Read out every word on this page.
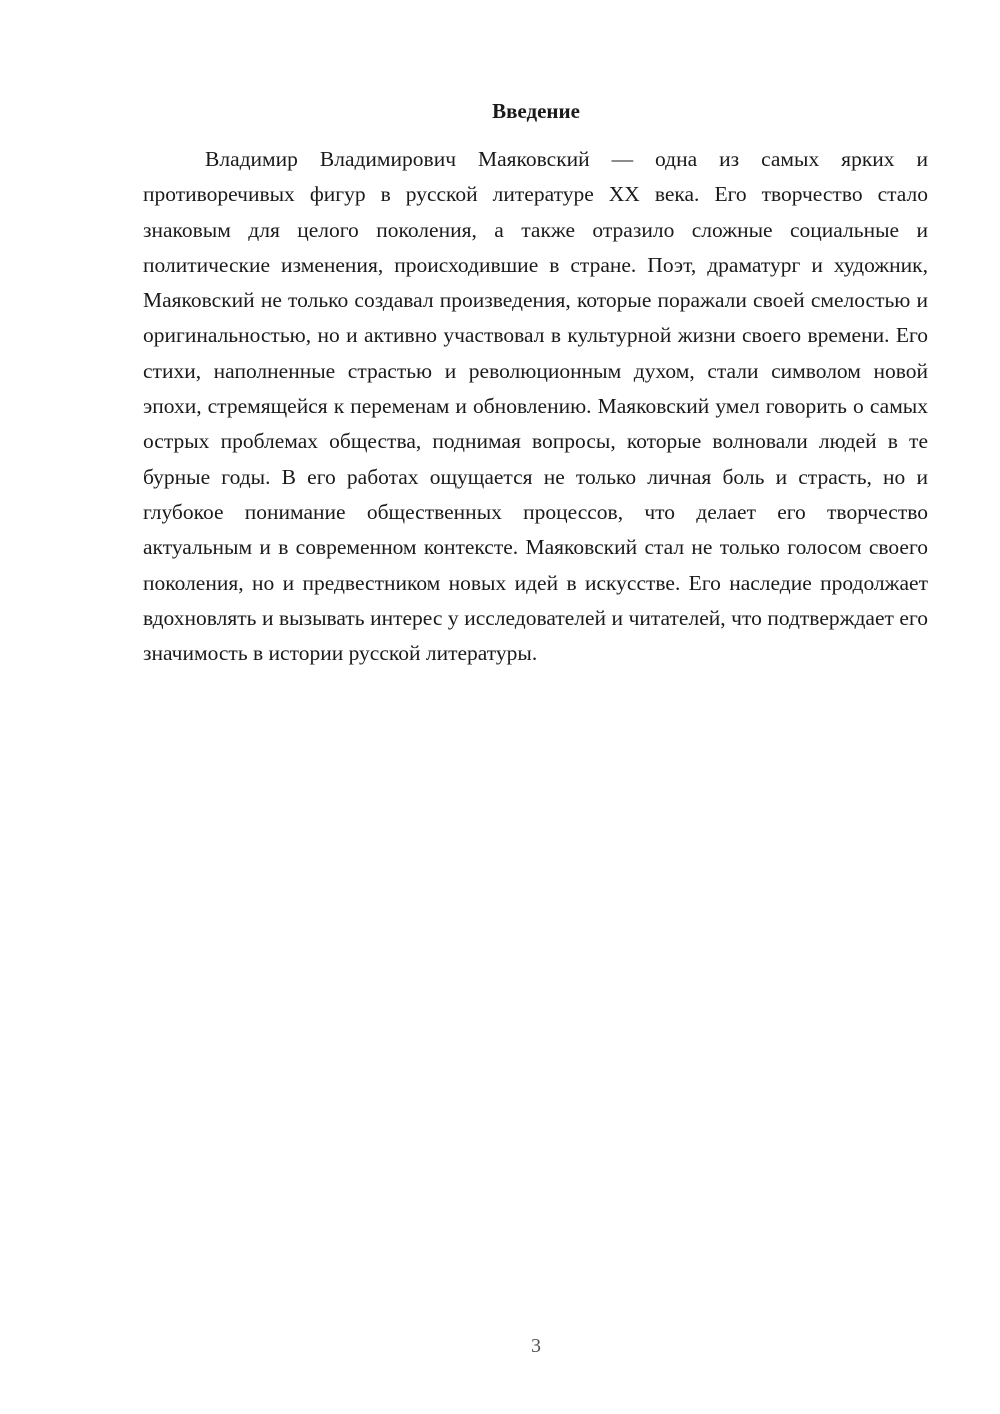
Введение

Владимир Владимирович Маяковский — одна из самых ярких и противоречивых фигур в русской литературе XX века. Его творчество стало знаковым для целого поколения, а также отразило сложные социальные и политические изменения, происходившие в стране. Поэт, драматург и художник, Маяковский не только создавал произведения, которые поражали своей смелостью и оригинальностью, но и активно участвовал в культурной жизни своего времени. Его стихи, наполненные страстью и революционным духом, стали символом новой эпохи, стремящейся к переменам и обновлению. Маяковский умел говорить о самых острых проблемах общества, поднимая вопросы, которые волновали людей в те бурные годы. В его работах ощущается не только личная боль и страсть, но и глубокое понимание общественных процессов, что делает его творчество актуальным и в современном контексте. Маяковский стал не только голосом своего поколения, но и предвестником новых идей в искусстве. Его наследие продолжает вдохновлять и вызывать интерес у исследователей и читателей, что подтверждает его значимость в истории русской литературы.

3
